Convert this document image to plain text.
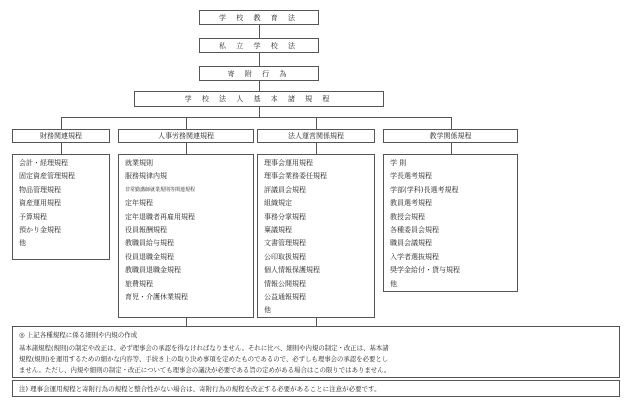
学 校 教 育 法
私 立 学 校 法
寄 附 行 為
学 校 法 人 基 本 諸 規 程
財務関連規程	人事労務関連規程	法人運営関係規程	教学関係規程
会計・経理規程
固定資産管理規程
物品管理規程
資産運用規程
予算規程
預かり金規程
他
就業規則
服務規律内規
非常勤講師就業規則等関連規程
定年規程
定年退職者再雇用規程
役員報酬規程
教職員給与規程
役員退職金規程
教職員退職金規程
旅費規程
育児・介護休業規程
理事会運用規程
理事会業務委任規程
評議員会規程
組織規定
事務分掌規程
稟議規程
文書管理規程
公印取扱規程
個人情報保護規程
情報公開規程
公益通報規程
他
学 則
学長選考規程
学部(学科)長選考規程
教員選考規程
教授会規程
各種委員会規程
職員会議規程
入学者選抜規程
奨学金給付・貸与規程
他
◎ 上記各種規程に係る細則や内規の作成
基本諸規程(規則)の制定や改正は、必ず理事会の承認を得なければなりません。それに比べ、細則や内規の制定・改正は、基本諸
規程(規則)を運用するための細かな内容等、手続き上の取り決め事項を定めたものであるので、必ずしも理事会の承認を必要とし
ません。ただし、内規や細則の制定・改正についても理事会の議決が必要である旨の定めがある場合はこの限りではありません。
注) 理事会運用規程と寄附行為の規程と整合性がない場合は、寄附行為の規程を改正する必要があることに注意が必要です。
